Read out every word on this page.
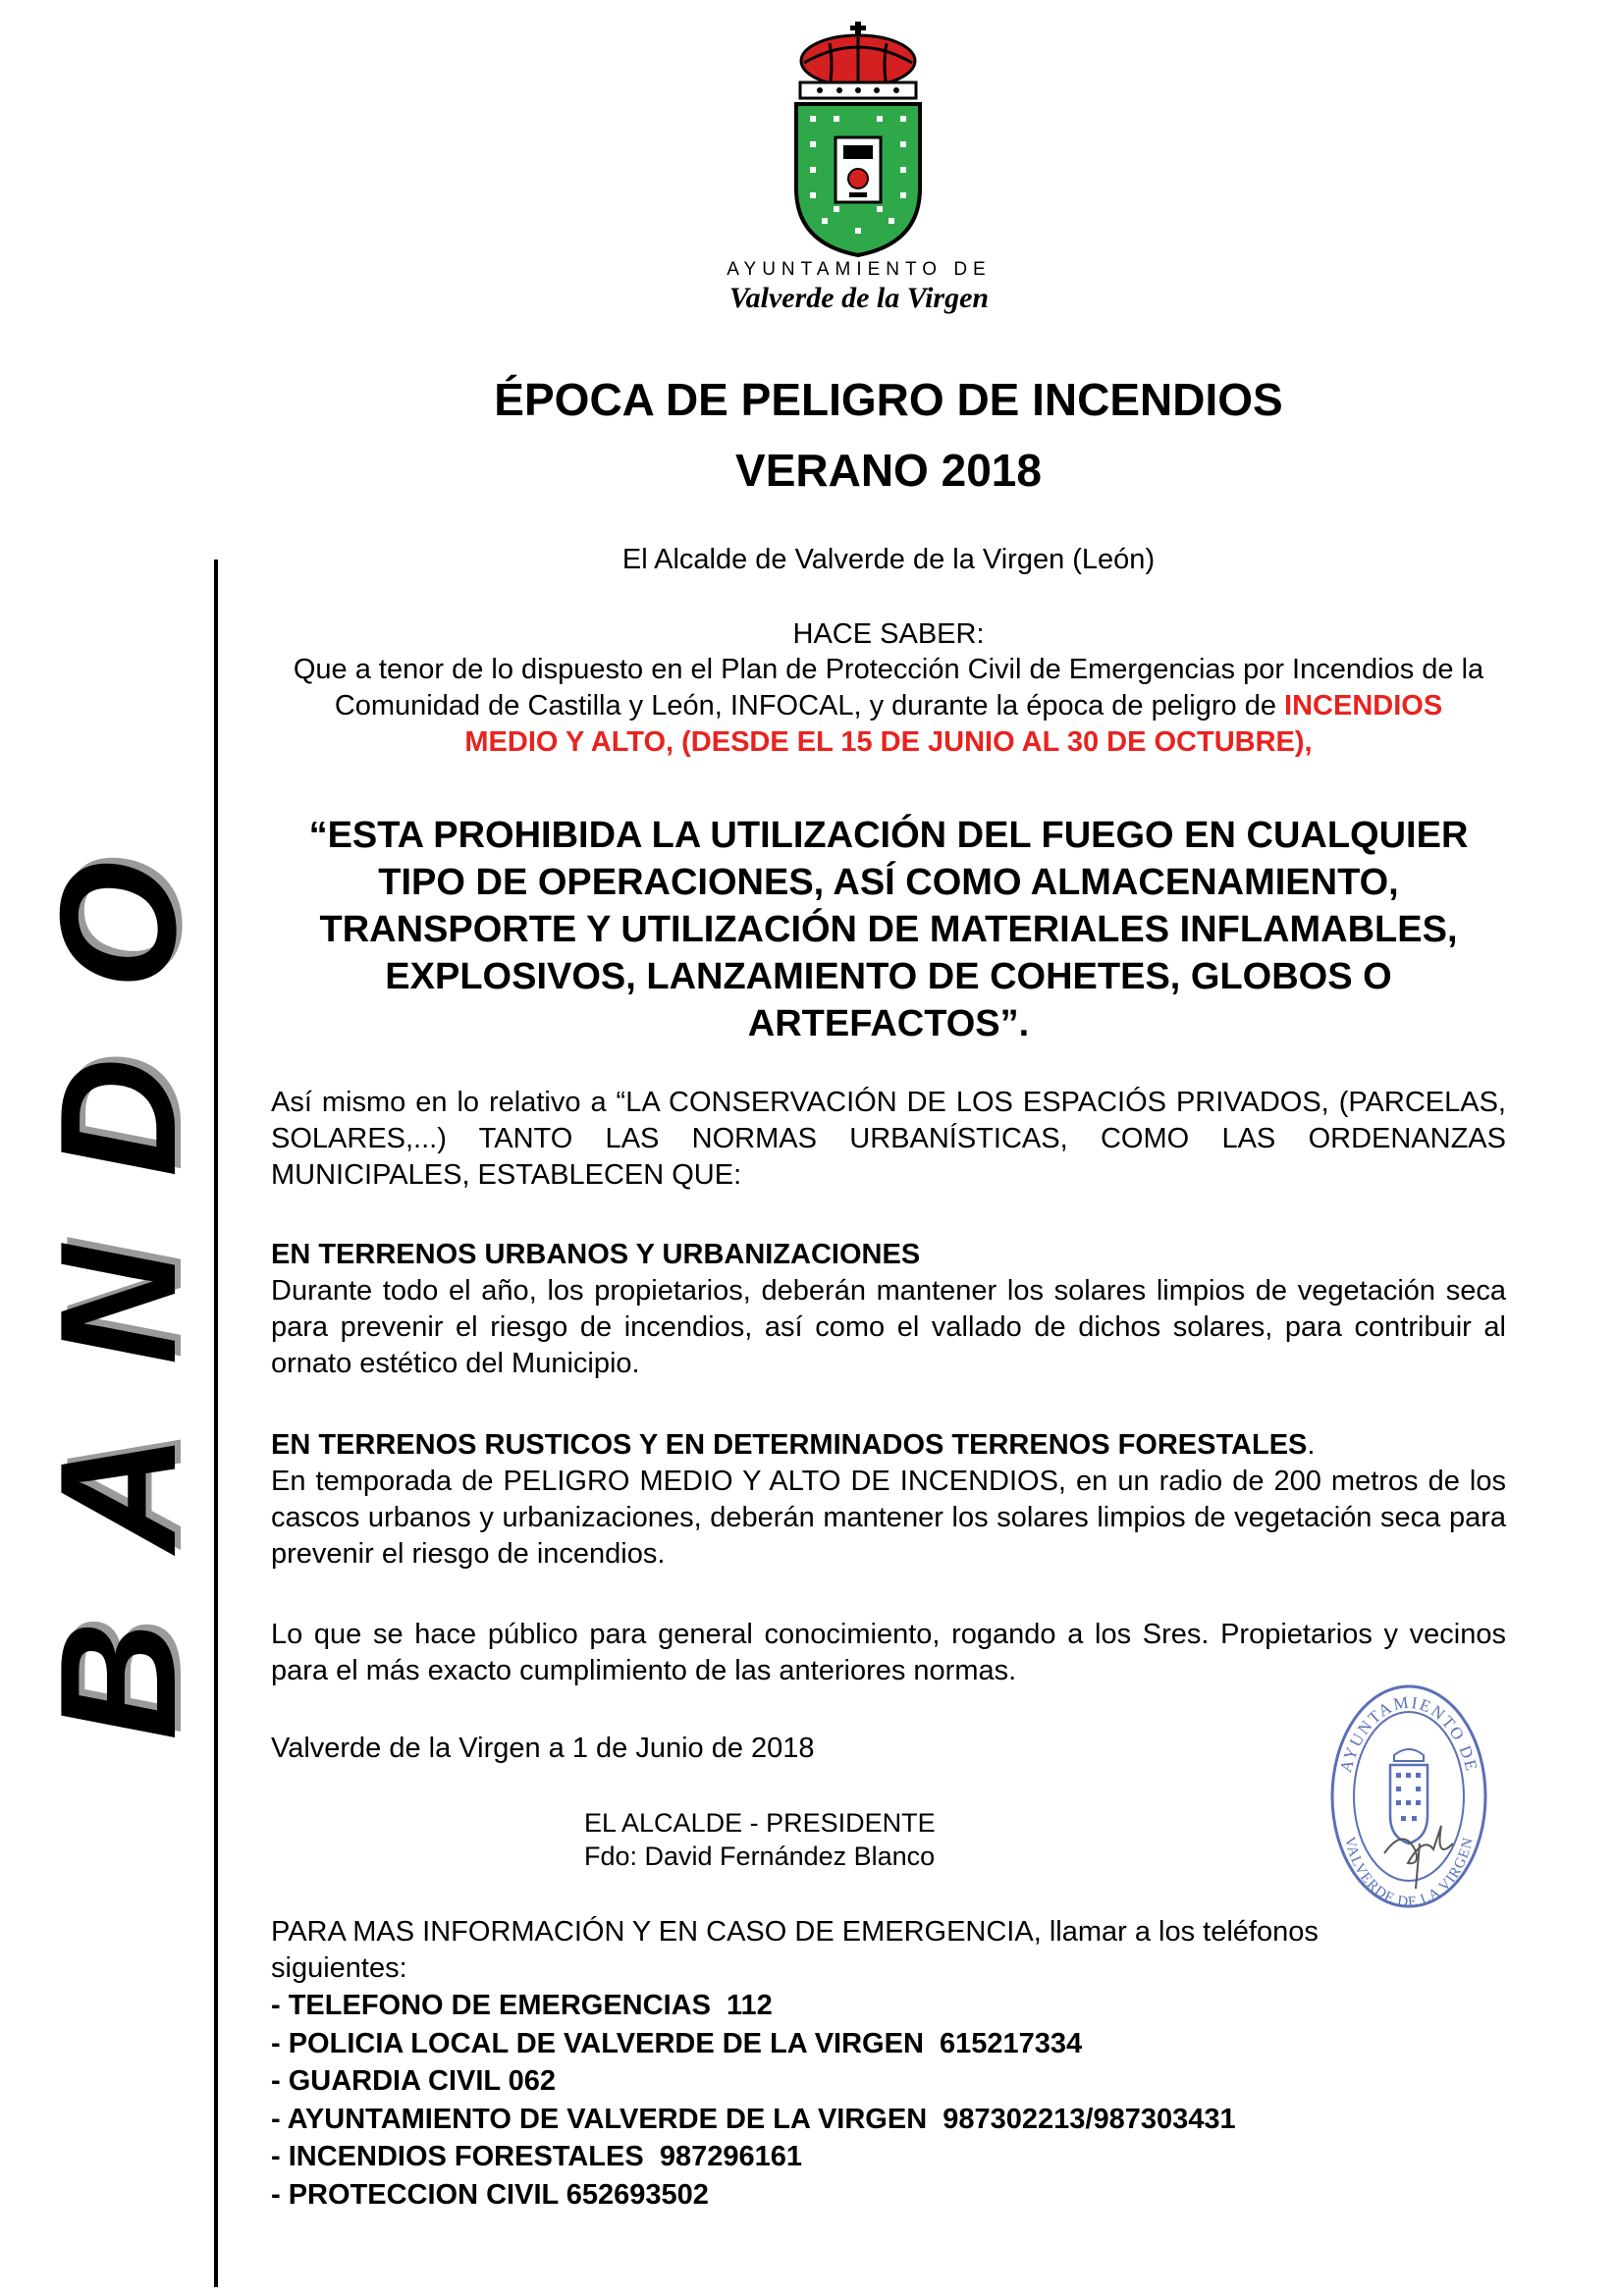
AYUNTAMIENTO DE
Valverde de la Virgen
BANDO
ÉPOCA DE PELIGRO DE INCENDIOS
VERANO 2018
El Alcalde de Valverde de la Virgen (León)
HACE SABER:
Que a tenor de lo dispuesto en el Plan de Protección Civil de Emergencias por Incendios de la Comunidad de Castilla y León, INFOCAL, y durante la época de peligro de INCENDIOS MEDIO Y ALTO, (DESDE EL 15 DE JUNIO AL 30 DE OCTUBRE),
“ESTA PROHIBIDA LA UTILIZACIÓN DEL FUEGO EN CUALQUIER TIPO DE OPERACIONES, ASÍ COMO ALMACENAMIENTO, TRANSPORTE Y UTILIZACIÓN DE MATERIALES INFLAMABLES, EXPLOSIVOS, LANZAMIENTO DE COHETES, GLOBOS O ARTEFACTOS”.
Así mismo en lo relativo a “LA CONSERVACIÓN DE LOS ESPACIÓS PRIVADOS, (PARCELAS, SOLARES,...) TANTO LAS NORMAS URBANÍSTICAS, COMO LAS ORDENANZAS MUNICIPALES, ESTABLECEN QUE:
EN TERRENOS URBANOS Y URBANIZACIONES
Durante todo el año, los propietarios, deberán mantener los solares limpios de vegetación seca para prevenir el riesgo de incendios, así como el vallado de dichos solares, para contribuir al ornato estético del Municipio.
EN TERRENOS RUSTICOS Y EN DETERMINADOS TERRENOS FORESTALES.
En temporada de PELIGRO MEDIO Y ALTO DE INCENDIOS, en un radio de 200 metros de los cascos urbanos y urbanizaciones, deberán mantener los solares limpios de vegetación seca para prevenir el riesgo de incendios.
Lo que se hace público para general conocimiento, rogando a los Sres. Propietarios y vecinos para el más exacto cumplimiento de las anteriores normas.
Valverde de la Virgen a 1 de Junio de 2018
EL ALCALDE - PRESIDENTE
Fdo: David Fernández Blanco
AYUNTAMIENTO DE
VALVERDE DE LA VIRGEN
PARA MAS INFORMACIÓN Y EN CASO DE EMERGENCIA, llamar a los teléfonos siguientes:
- TELEFONO DE EMERGENCIAS  112
- POLICIA LOCAL DE VALVERDE DE LA VIRGEN  615217334
- GUARDIA CIVIL 062
- AYUNTAMIENTO DE VALVERDE DE LA VIRGEN  987302213/987303431
- INCENDIOS FORESTALES  987296161
- PROTECCION CIVIL 652693502
